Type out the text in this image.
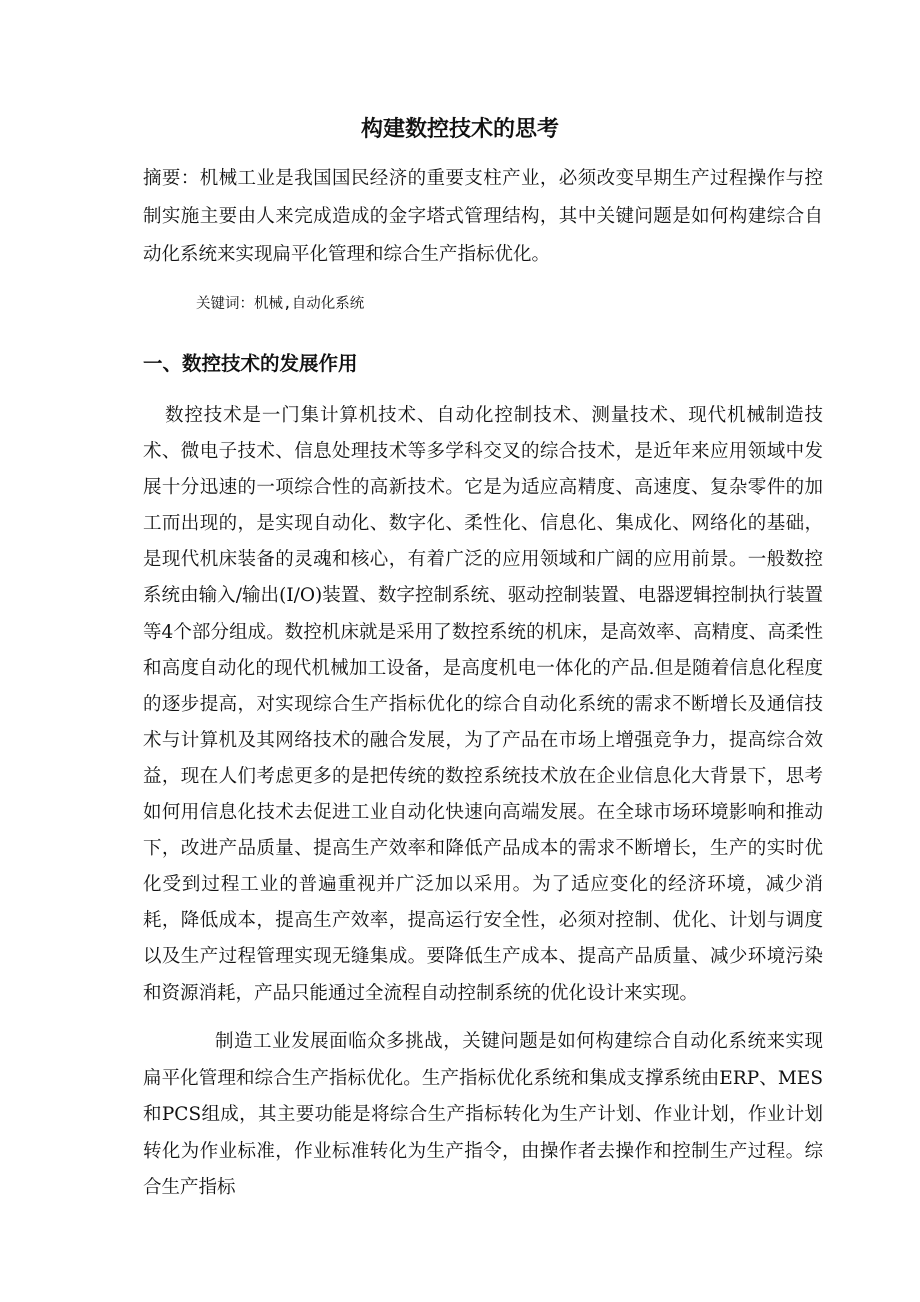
构建数控技术的思考
摘要：机械工业是我国国民经济的重要支柱产业，必须改变早期生产过程操作与控制实施主要由人来完成造成的金字塔式管理结构，其中关键问题是如何构建综合自动化系统来实现扁平化管理和综合生产指标优化。
关键词：机械,自动化系统
一、数控技术的发展作用

数控技术是一门集计算机技术、自动化控制技术、测量技术、现代机械制造技术、微电子技术、信息处理技术等多学科交叉的综合技术，是近年来应用领域中发展十分迅速的一项综合性的高新技术。它是为适应高精度、高速度、复杂零件的加工而出现的，是实现自动化、数字化、柔性化、信息化、集成化、网络化的基础，是现代机床装备的灵魂和核心，有着广泛的应用领域和广阔的应用前景。一般数控系统由输入/输出(I/O)装置、数字控制系统、驱动控制装置、电器逻辑控制执行装置等4个部分组成。数控机床就是采用了数控系统的机床，是高效率、高精度、高柔性和高度自动化的现代机械加工设备，是高度机电一体化的产品.但是随着信息化程度的逐步提高，对实现综合生产指标优化的综合自动化系统的需求不断增长及通信技术与计算机及其网络技术的融合发展，为了产品在市场上增强竞争力，提高综合效益，现在人们考虑更多的是把传统的数控系统技术放在企业信息化大背景下，思考如何用信息化技术去促进工业自动化快速向高端发展。在全球市场环境影响和推动下，改进产品质量、提高生产效率和降低产品成本的需求不断增长，生产的实时优化受到过程工业的普遍重视并广泛加以采用。为了适应变化的经济环境，减少消耗，降低成本，提高生产效率，提高运行安全性，必须对控制、优化、计划与调度以及生产过程管理实现无缝集成。要降低生产成本、提高产品质量、减少环境污染和资源消耗，产品只能通过全流程自动控制系统的优化设计来实现。

制造工业发展面临众多挑战，关键问题是如何构建综合自动化系统来实现扁平化管理和综合生产指标优化。生产指标优化系统和集成支撑系统由ERP、MES和PCS组成，其主要功能是将综合生产指标转化为生产计划、作业计划，作业计划转化为作业标准，作业标准转化为生产指令，由操作者去操作和控制生产过程。综合生产指标
